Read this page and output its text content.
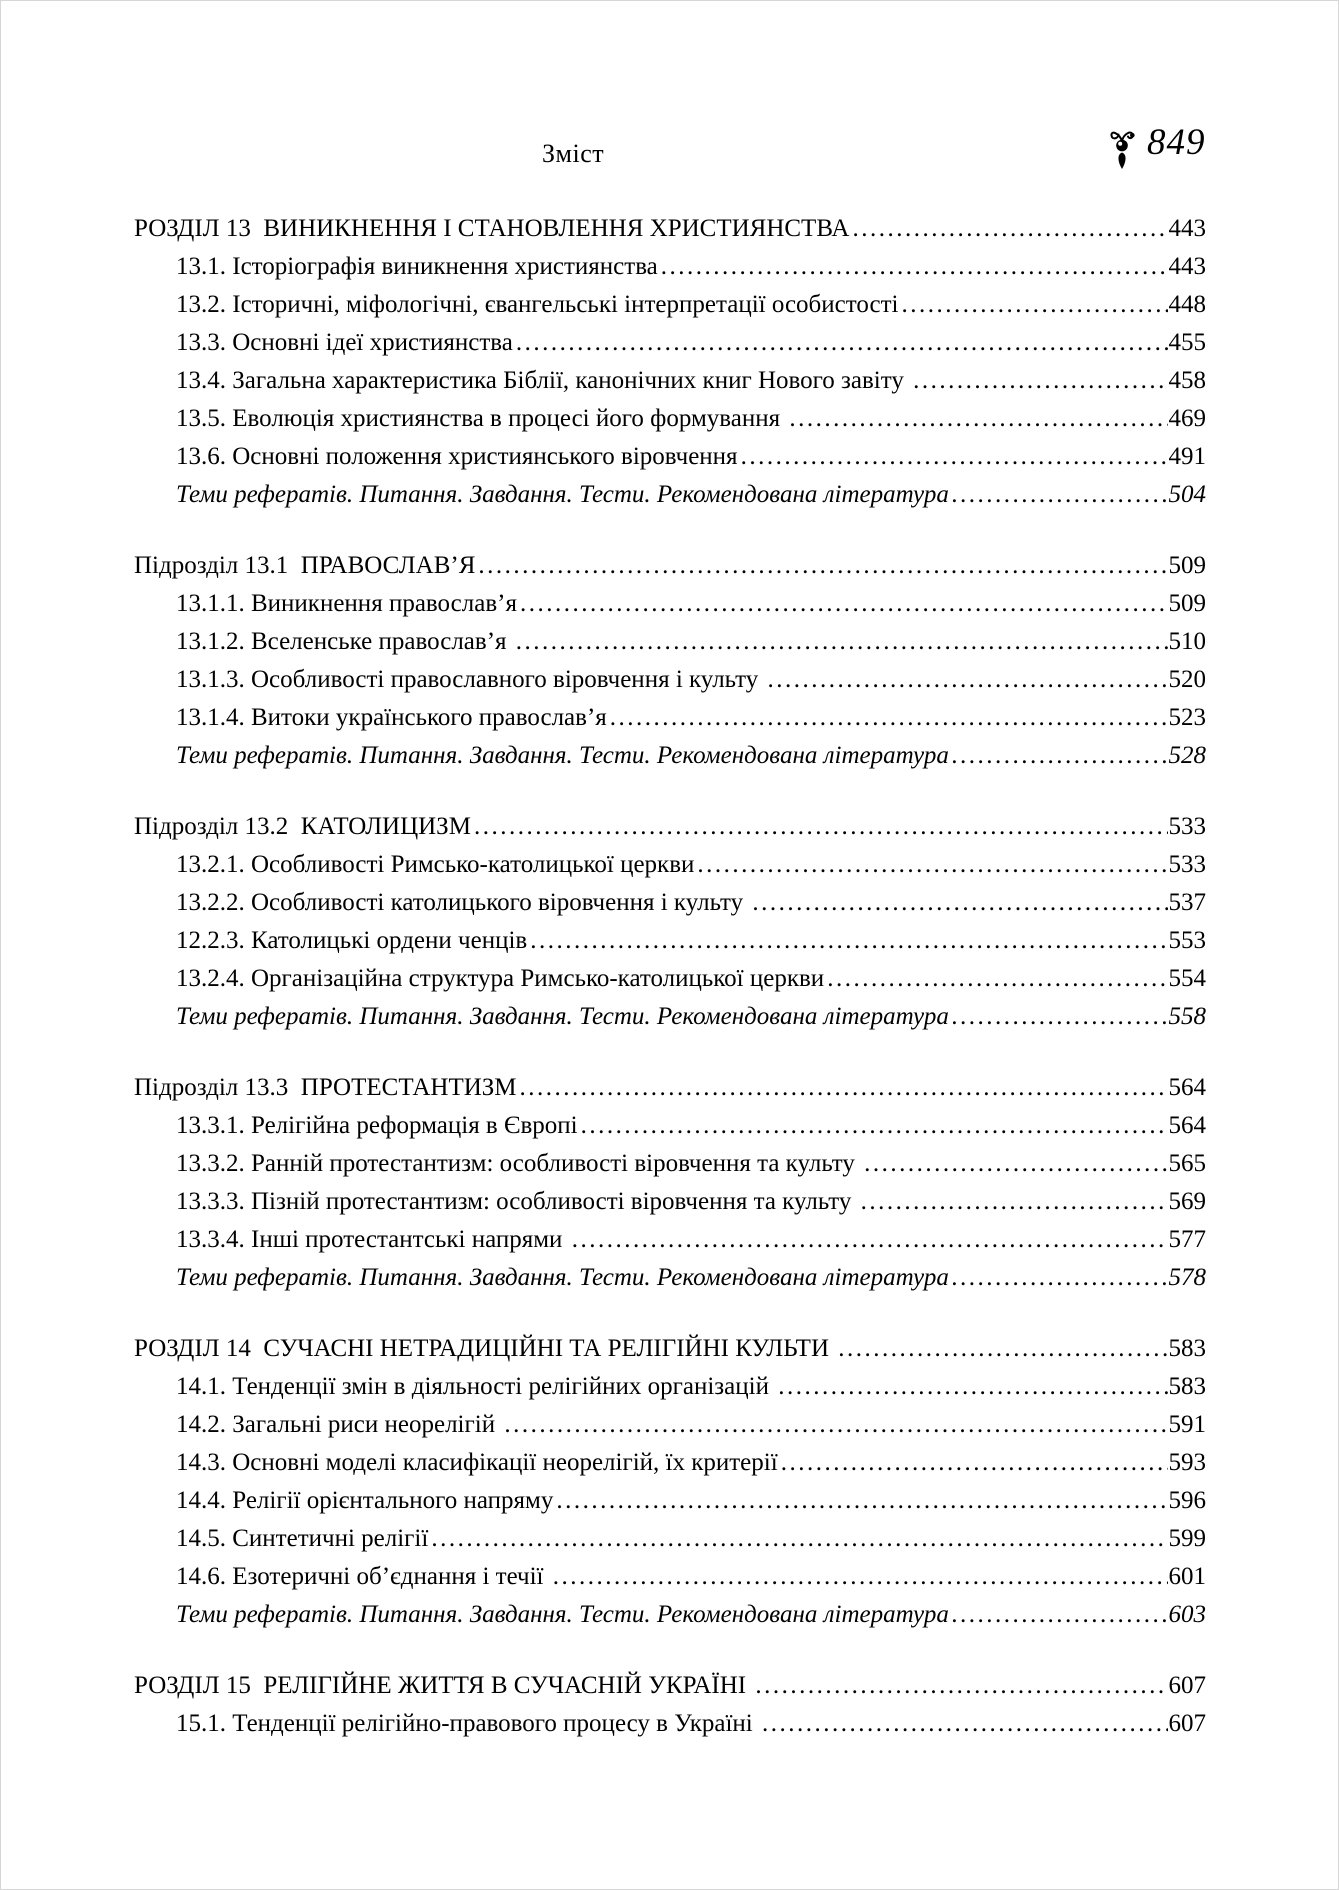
Зміст	849
РОЗДІЛ 13  ВИНИКНЕННЯ І СТАНОВЛЕННЯ ХРИСТИЯНСТВА .....	443
13.1. Історіографія виникнення християнства .....	443
13.2. Історичні, міфологічні, євангельські інтерпретації особистості .....	448
13.3. Основні ідеї християнства .....	455
13.4. Загальна характеристика Біблії, канонічних книг Нового завіту .....	458
13.5. Еволюція християнства в процесі його формування .....	469
13.6. Основні положення християнського віровчення .....	491
Теми рефератів. Питання. Завдання. Тести. Рекомендована література .....	504
Підрозділ 13.1  ПРАВОСЛАВ’Я .....	509
13.1.1. Виникнення православ’я .....	509
13.1.2. Вселенське православ’я .....	510
13.1.3. Особливості православного віровчення і культу .....	520
13.1.4. Витоки українського православ’я .....	523
Теми рефератів. Питання. Завдання. Тести. Рекомендована література .....	528
Підрозділ 13.2  КАТОЛИЦИЗМ .....	533
13.2.1. Особливості Римсько-католицької церкви .....	533
13.2.2. Особливості католицького віровчення і культу .....	537
12.2.3. Католицькі ордени ченців .....	553
13.2.4. Організаційна структура Римсько-католицької церкви .....	554
Теми рефератів. Питання. Завдання. Тести. Рекомендована література .....	558
Підрозділ 13.3  ПРОТЕСТАНТИЗМ .....	564
13.3.1. Релігійна реформація в Європі .....	564
13.3.2. Ранній протестантизм: особливості віровчення та культу .....	565
13.3.3. Пізній протестантизм: особливості віровчення та культу .....	569
13.3.4. Інші протестантські напрями .....	577
Теми рефератів. Питання. Завдання. Тести. Рекомендована література .....	578
РОЗДІЛ 14  СУЧАСНІ НЕТРАДИЦІЙНІ ТА РЕЛІГІЙНІ КУЛЬТИ .....	583
14.1. Тенденції змін в діяльності релігійних організацій .....	583
14.2. Загальні риси неорелігій .....	591
14.3. Основні моделі класифікації неорелігій, їх критерії .....	593
14.4. Релігії орієнтального напряму .....	596
14.5. Синтетичні релігії .....	599
14.6. Езотеричні об’єднання і течії .....	601
Теми рефератів. Питання. Завдання. Тести. Рекомендована література .....	603
РОЗДІЛ 15  РЕЛІГІЙНЕ ЖИТТЯ В СУЧАСНІЙ УКРАЇНІ .....	607
15.1. Тенденції релігійно-правового процесу в Україні .....	607
